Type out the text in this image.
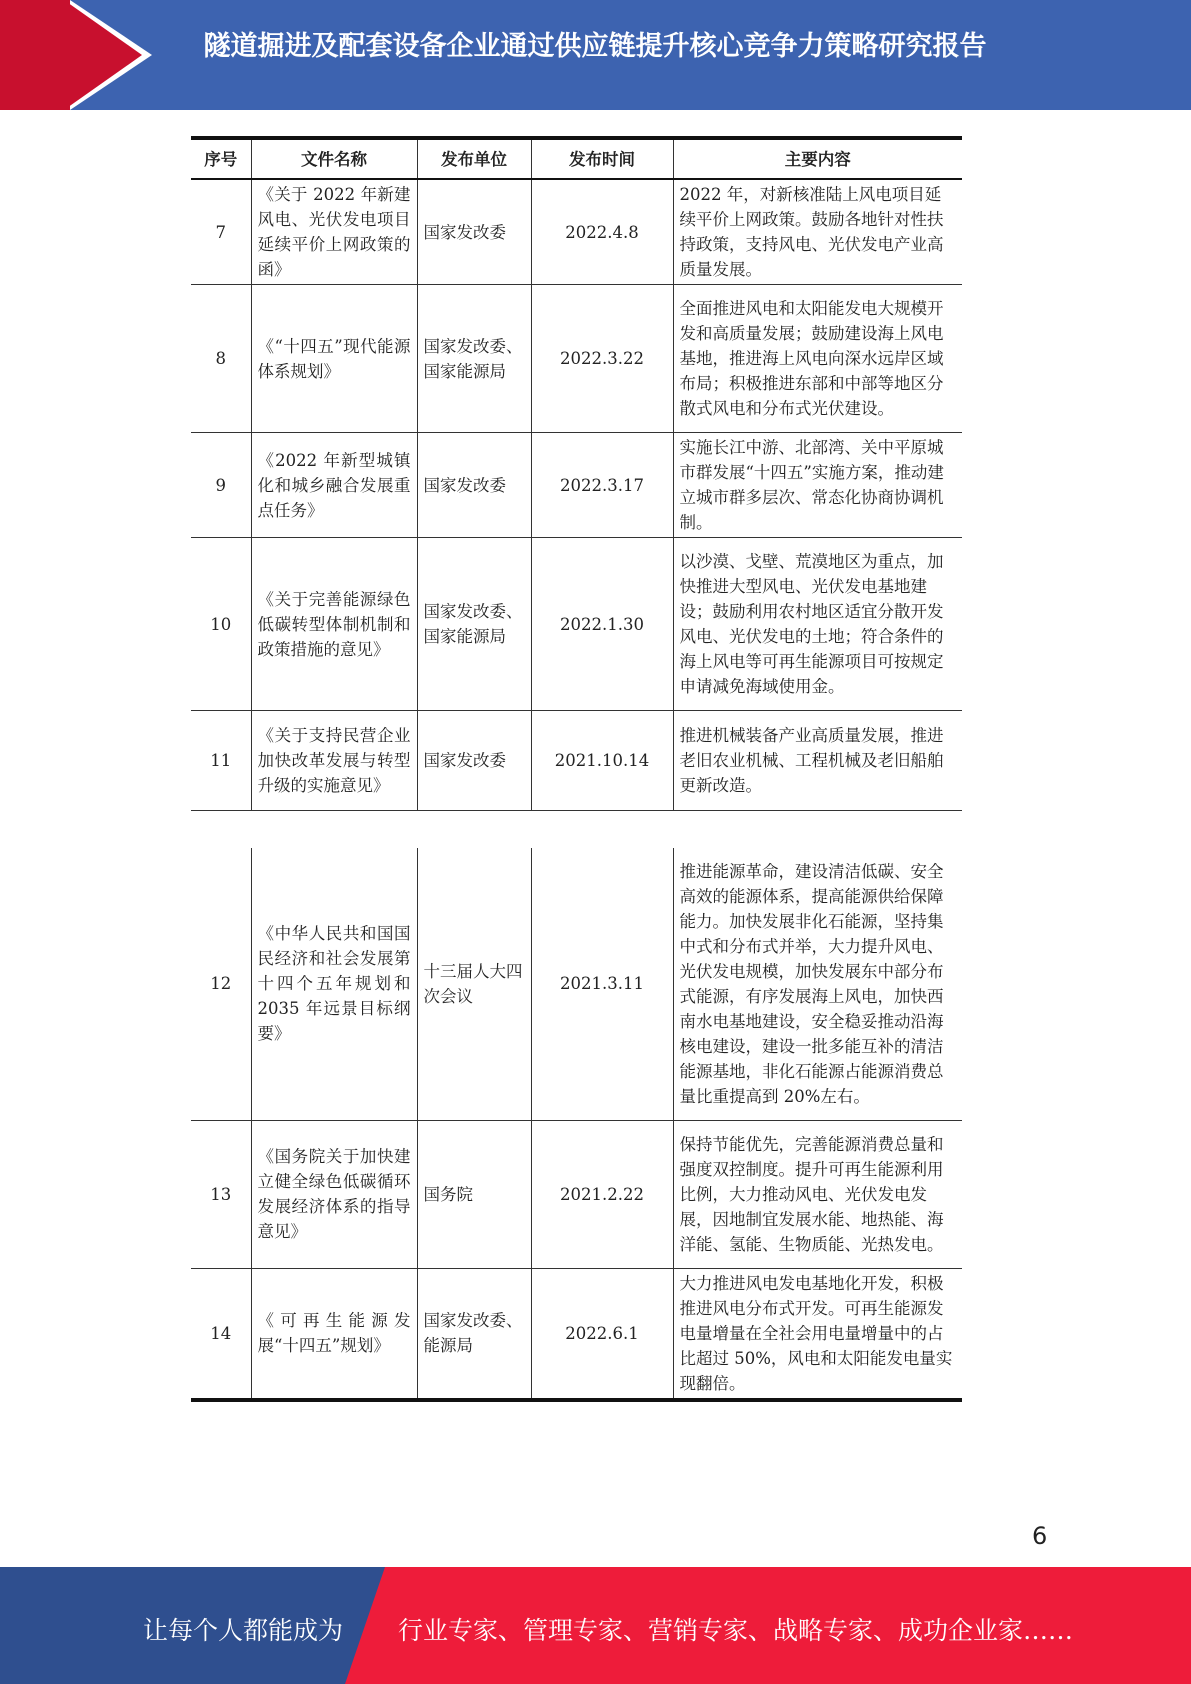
隧道掘进及配套设备企业通过供应链提升核心竞争力策略研究报告
序号	文件名称	发布单位	发布时间	主要内容
7	《关于 2022 年新建风电、光伏发电项目延续平价上网政策的函》	国家发改委	2022.4.8	2022 年，对新核准陆上风电项目延续平价上网政策。鼓励各地针对性扶持政策，支持风电、光伏发电产业高质量发展。
8	《“十四五”现代能源体系规划》	国家发改委、国家能源局	2022.3.22	全面推进风电和太阳能发电大规模开发和高质量发展；鼓励建设海上风电基地，推进海上风电向深水远岸区域布局；积极推进东部和中部等地区分散式风电和分布式光伏建设。
9	《2022 年新型城镇化和城乡融合发展重点任务》	国家发改委	2022.3.17	实施长江中游、北部湾、关中平原城市群发展“十四五”实施方案，推动建立城市群多层次、常态化协商协调机制。
10	《关于完善能源绿色低碳转型体制机制和政策措施的意见》	国家发改委、国家能源局	2022.1.30	以沙漠、戈壁、荒漠地区为重点，加快推进大型风电、光伏发电基地建设；鼓励利用农村地区适宜分散开发风电、光伏发电的土地；符合条件的海上风电等可再生能源项目可按规定申请减免海域使用金。
11	《关于支持民营企业加快改革发展与转型升级的实施意见》	国家发改委	2021.10.14	推进机械装备产业高质量发展，推进老旧农业机械、工程机械及老旧船舶更新改造。
12	《中华人民共和国国民经济和社会发展第十四个五年规划和 2035 年远景目标纲要》	十三届人大四次会议	2021.3.11	推进能源革命，建设清洁低碳、安全高效的能源体系，提高能源供给保障能力。加快发展非化石能源，坚持集中式和分布式并举，大力提升风电、光伏发电规模，加快发展东中部分布式能源，有序发展海上风电，加快西南水电基地建设，安全稳妥推动沿海核电建设，建设一批多能互补的清洁能源基地，非化石能源占能源消费总量比重提高到 20%左右。
13	《国务院关于加快建立健全绿色低碳循环发展经济体系的指导意见》	国务院	2021.2.22	保持节能优先，完善能源消费总量和强度双控制度。提升可再生能源利用比例，大力推动风电、光伏发电发展，因地制宜发展水能、地热能、海洋能、氢能、生物质能、光热发电。
14	《可再生能源发展“十四五”规划》	国家发改委、能源局	2022.6.1	大力推进风电发电基地化开发，积极推进风电分布式开发。可再生能源发电量增量在全社会用电量增量中的占比超过 50%，风电和太阳能发电量实现翻倍。
6
让每个人都能成为 行业专家、管理专家、营销专家、战略专家、成功企业家……
